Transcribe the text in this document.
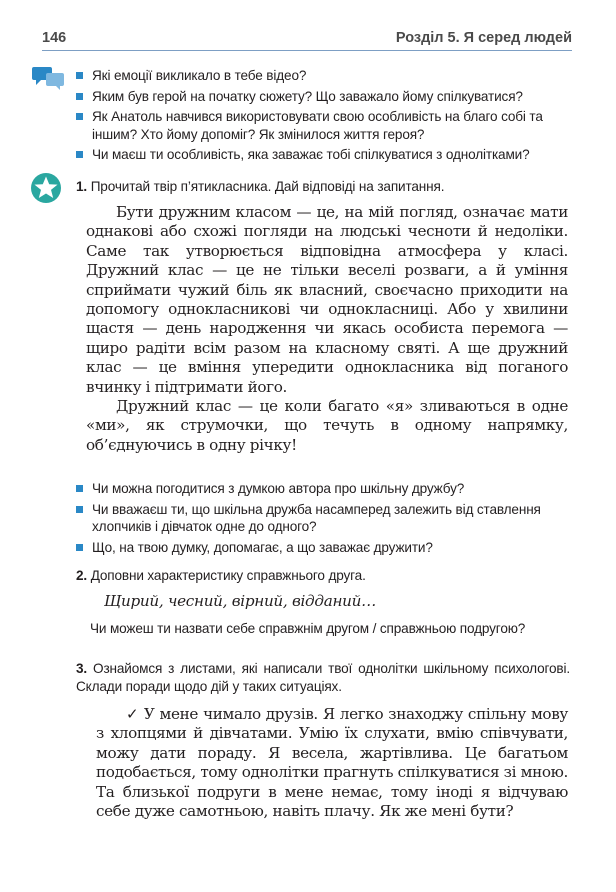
146	Розділ 5. Я серед людей
Які емоції викликало в тебе відео?
Яким був герой на початку сюжету? Що заважало йому спілкуватися?
Як Анатоль навчився використовувати свою особливість на благо собі та іншим? Хто йому допоміг? Як змінилося життя героя?
Чи маєш ти особливість, яка заважає тобі спілкуватися з однолітками?
1. Прочитай твір п’ятикласника. Дай відповіді на запитання.

Бути дружним класом — це, на мій погляд, означає мати однакові або схожі погляди на людські чесноти й недоліки. Саме так утворюється відповідна атмосфера у класі. Дружний клас — це не тільки веселі розваги, а й уміння сприймати чужий біль як власний, своєчасно приходити на допомогу однокласникові чи однокласниці. Або у хвилини щастя — день народження чи якась особиста перемога — щиро радіти всім разом на класному святі. А ще дружний клас — це вміння упередити однокласника від поганого вчинку і підтримати його.

Дружний клас — це коли багато «я» зливаються в одне «ми», як струмочки, що течуть в одному напрямку, об’єднуючись в одну річку!

Чи можна погодитися з думкою автора про шкільну дружбу?
Чи вважаєш ти, що шкільна дружба насамперед залежить від ставлення хлопчиків і дівчаток одне до одного?
Що, на твою думку, допомагає, а що заважає дружити?
2. Доповни характеристику справжнього друга.
Щирий, чесний, вірний, відданий…
Чи можеш ти назвати себе справжнім другом / справжньою подругою?
3. Ознайомся з листами, які написали твої однолітки шкільному психологові. Склади поради щодо дій у таких ситуаціях.

✓ У мене чимало друзів. Я легко знаходжу спільну мову з хлопцями й дівчатами. Умію їх слухати, вмію співчувати, можу дати пораду. Я весела, жартівлива. Це багатьом подобається, тому однолітки прагнуть спілкуватися зі мною. Та близької подруги в мене немає, тому іноді я відчуваю себе дуже самотньою, навіть плачу. Як же мені бути?
